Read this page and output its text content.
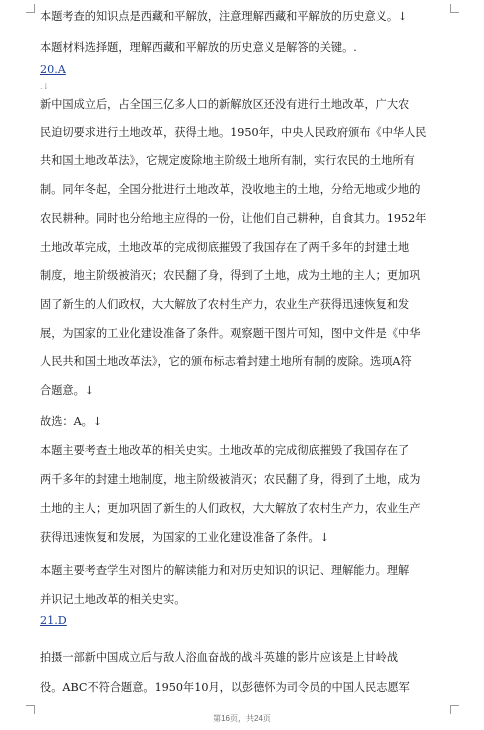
本题考查的知识点是西藏和平解放，注意理解西藏和平解放的历史意义。↓
本题材料选择题，理解西藏和平解放的历史意义是解答的关键。.
20.A
.↓
新中国成立后，占全国三亿多人口的新解放区还没有进行土地改革，广大农
民迫切要求进行土地改革，获得土地。1950年，中央人民政府颁布《中华人民
共和国土地改革法》，它规定废除地主阶级土地所有制，实行农民的土地所有
制。同年冬起，全国分批进行土地改革，没收地主的土地，分给无地或少地的
农民耕种。同时也分给地主应得的一份，让他们自己耕种，自食其力。1952年
土地改革完成，土地改革的完成彻底摧毁了我国存在了两千多年的封建土地
制度，地主阶级被消灭；农民翻了身，得到了土地，成为土地的主人；更加巩
固了新生的人们政权，大大解放了农村生产力，农业生产获得迅速恢复和发
展，为国家的工业化建设准备了条件。观察题干图片可知，图中文件是《中华
人民共和国土地改革法》，它的颁布标志着封建土地所有制的废除。选项A符
合题意。↓
故选：A。↓
本题主要考查土地改革的相关史实。土地改革的完成彻底摧毁了我国存在了
两千多年的封建土地制度，地主阶级被消灭；农民翻了身，得到了土地，成为
土地的主人；更加巩固了新生的人们政权，大大解放了农村生产力，农业生产
获得迅速恢复和发展，为国家的工业化建设准备了条件。↓
本题主要考查学生对图片的解读能力和对历史知识的识记、理解能力。理解
并识记土地改革的相关史实。
21.D
拍摄一部新中国成立后与敌人浴血奋战的战斗英雄的影片应该是上甘岭战
役。ABC不符合题意。1950年10月，以彭德怀为司令员的中国人民志愿军
第16页，共24页
